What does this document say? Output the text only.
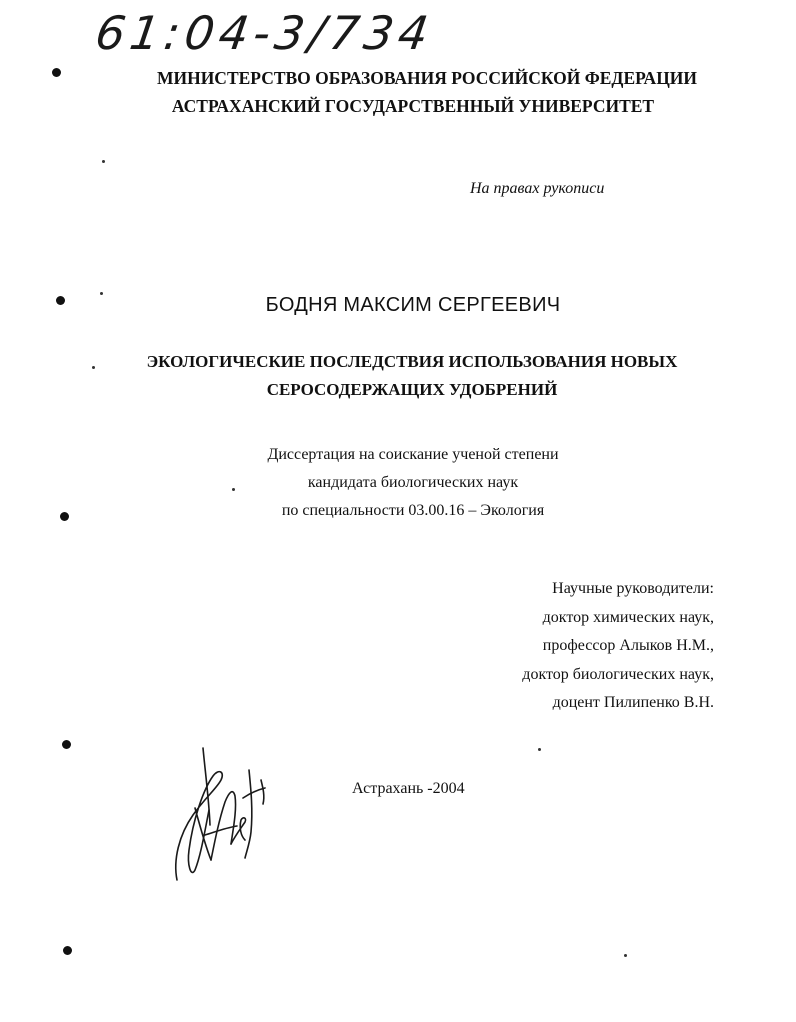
61:04-3/734
МИНИСТЕРСТВО ОБРАЗОВАНИЯ РОССИЙСКОЙ ФЕДЕРАЦИИ
АСТРАХАНСКИЙ ГОСУДАРСТВЕННЫЙ УНИВЕРСИТЕТ
На правах рукописи
БОДНЯ МАКСИМ СЕРГЕЕВИЧ
ЭКОЛОГИЧЕСКИЕ ПОСЛЕДСТВИЯ ИСПОЛЬЗОВАНИЯ НОВЫХ
СЕРОСОДЕРЖАЩИХ УДОБРЕНИЙ
Диссертация на соискание ученой степени
кандидата биологических наук
по специальности 03.00.16 – Экология
Научные руководители:
доктор химических наук,
профессор Алыков Н.М.,
доктор биологических наук,
доцент Пилипенко В.Н.
Астрахань -2004
